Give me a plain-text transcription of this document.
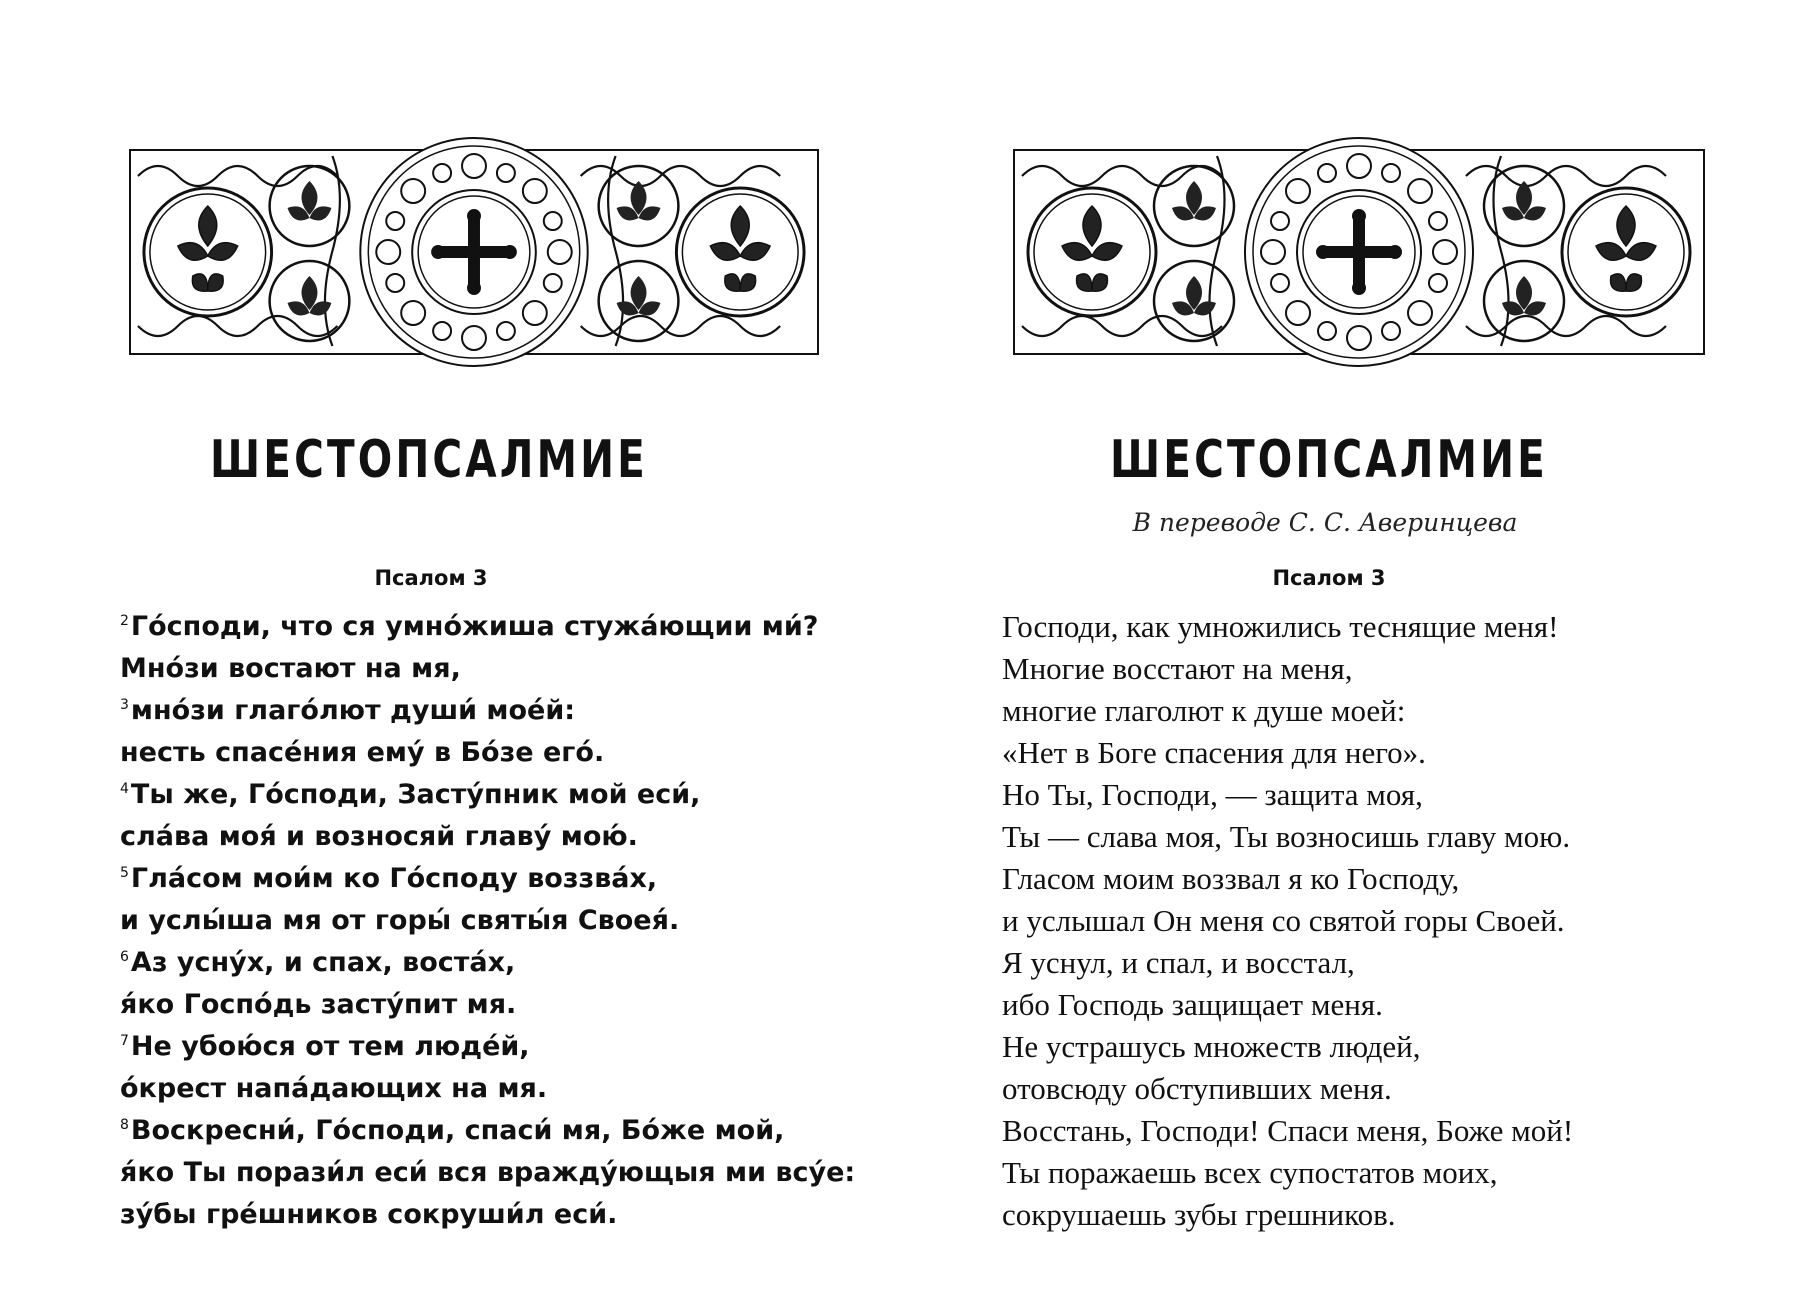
ШЕСТОПСАЛМИЕ
Псалом 3
$^2$Го́споди, что ся умно́жиша стужа́ющии ми́?
Мно́зи востают на мя,
$^3$мно́зи глаго́лют души́ мое́й:
несть спасе́ния ему́ в Бо́зе его́.
$^4$Ты же, Го́споди, Засту́пник мой еси́,
сла́ва моя́ и возносяй главу́ мою́.
$^5$Гла́сом мои́м ко Го́споду воззва́х,
и услы́ша мя от горы́ святы́я Своея́.
$^6$Аз усну́х, и спах, воста́х,
я́ко Госпо́дь засту́пит мя.
$^7$Не убою́ся от тем люде́й,
о́крест напа́дающих на мя.
$^8$Воскресни́, Го́споди, спаси́ мя, Бо́же мой,
я́ко Ты порази́л еси́ вся вражду́ющыя ми всу́е:
зу́бы гре́шников сокруши́л еси́.
ШЕСТОПСАЛМИЕ
В переводе С. С. Аверинцева
Псалом 3
Господи, как умножились теснящие меня!
Многие восстают на меня,
многие глаголют к душе моей:
«Нет в Боге спасения для него».
Но Ты, Господи, — защита моя,
Ты — слава моя, Ты возносишь главу мою.
Гласом моим воззвал я ко Господу,
и услышал Он меня со святой горы Своей.
Я уснул, и спал, и восстал,
ибо Господь защищает меня.
Не устрашусь множеств людей,
отовсюду обступивших меня.
Восстань, Господи! Спаси меня, Боже мой!
Ты поражаешь всех супостатов моих,
сокрушаешь зубы грешников.
